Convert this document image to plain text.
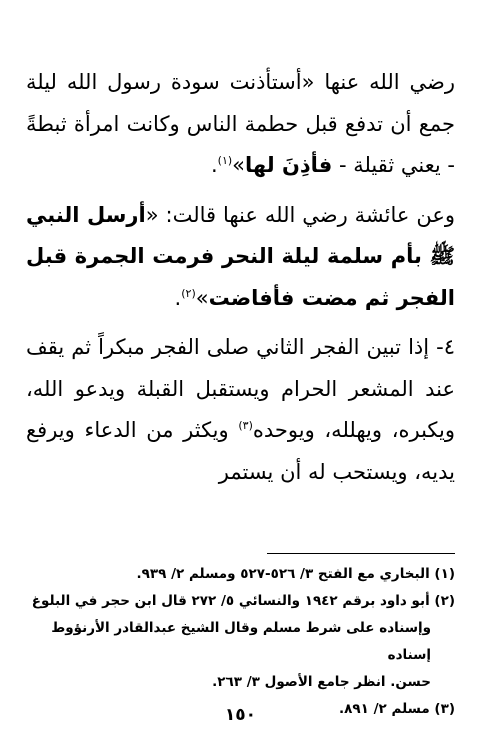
رضي الله عنها «أستأذنت سودة رسول الله ليلة جمع أن تدفع قبل حطمة الناس وكانت امرأة ثبطةً - يعني ثقيلة - فأذِنَ لها»$^{(١)}$.

وعن عائشة رضي الله عنها قالت: «أرسل النبي ﷺ بأم سلمة ليلة النحر فرمت الجمرة قبل الفجر ثم مضت فأفاضت»$^{(٢)}$.

٤- إذا تبين الفجر الثاني صلى الفجر مبكراً ثم يقف عند المشعر الحرام ويستقبل القبلة ويدعو الله، ويكبره، ويهلله، ويوحده$^{(٣)}$ ويكثر من الدعاء ويرفع يديه، ويستحب له أن يستمر

(١) البخاري مع الفتح ٣/ ٥٢٦-٥٢٧ ومسلم ٢/ ٩٣٩.

(٢) أبو داود برقم ١٩٤٢ والنسائي ٥/ ٢٧٢ قال ابن حجر في البلوغ

وإسناده على شرط مسلم وقال الشيخ عبدالقادر الأرنؤوط إسناده

حسن. انظر جامع الأصول ٣/ ٢٦٣.

(٣) مسلم ٢/ ٨٩١.

١٥٠
